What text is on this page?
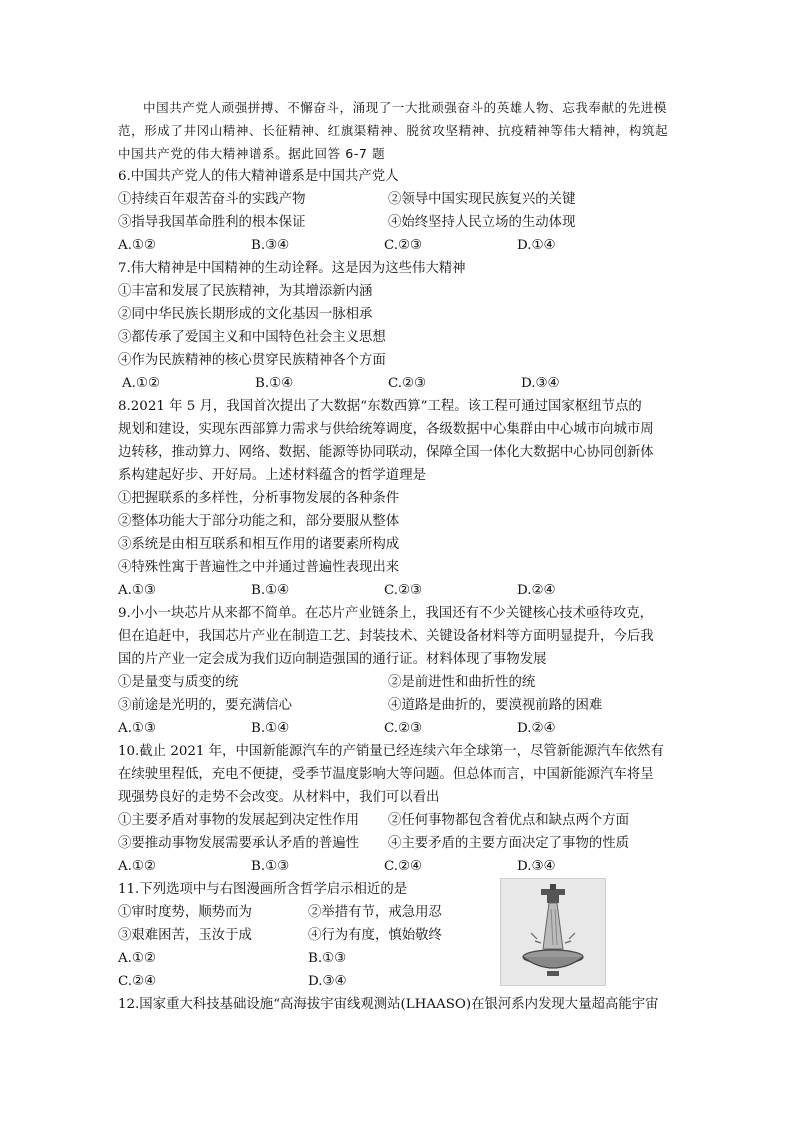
中国共产党人顽强拼搏、不懈奋斗，涌现了一大批顽强奋斗的英雄人物、忘我奉献的先进模范，形成了井冈山精神、长征精神、红旗渠精神、脱贫攻坚精神、抗疫精神等伟大精神，构筑起中国共产党的伟大精神谱系。据此回答 6-7 题

6.中国共产党人的伟大精神谱系是中国共产党人

①持续百年艰苦奋斗的实践产物	②领导中国实现民族复兴的关键
③指导我国革命胜利的根本保证	④始终坚持人民立场的生动体现
A.①②	B.③④	C.②③	D.①④

7.伟大精神是中国精神的生动诠释。这是因为这些伟大精神

①丰富和发展了民族精神，为其增添新内涵

②同中华民族长期形成的文化基因一脉相承

③都传承了爱国主义和中国特色社会主义思想

④作为民族精神的核心贯穿民族精神各个方面

A.①②	B.①④	C.②③	D.③④

8.2021 年 5 月，我国首次提出了大数据“东数西算”工程。该工程可通过国家枢纽节点的

规划和建设，实现东西部算力需求与供给统筹调度，各级数据中心集群由中心城市向城市周

边转移，推动算力、网络、数据、能源等协同联动，保障全国一体化大数据中心协同创新体

系构建起好步、开好局。上述材料蕴含的哲学道理是

①把握联系的多样性，分析事物发展的各种条件

②整体功能大于部分功能之和，部分要服从整体

③系统是由相互联系和相互作用的诸要素所构成

④特殊性寓于普遍性之中并通过普遍性表现出来

A.①③	B.①④	C.②③	D.②④

9.小小一块芯片从来都不简单。在芯片产业链条上，我国还有不少关键核心技术亟待攻克，

但在追赶中，我国芯片产业在制造工艺、封装技术、关键设备材料等方面明显提升，今后我

国的片产业一定会成为我们迈向制造强国的通行证。材料体现了事物发展

①是量变与质变的统	②是前进性和曲折性的统
③前途是光明的，要充满信心	④道路是曲折的，要漠视前路的困难
A.①③	B.①④	C.②③	D.②④

10.截止 2021 年，中国新能源汽车的产销量已经连续六年全球第一，尽管新能源汽车依然有

在续驶里程低，充电不便捷，受季节温度影响大等问题。但总体而言，中国新能源汽车将呈

现强势良好的走势不会改变。从材料中，我们可以看出

①主要矛盾对事物的发展起到决定性作用	②任何事物都包含着优点和缺点两个方面
③要推动事物发展需要承认矛盾的普遍性	④主要矛盾的主要方面决定了事物的性质
A.①②	B.①③	C.②④	D.③④

11.下列选项中与右图漫画所含哲学启示相近的是

①审时度势，顺势而为	②举措有节，戒急用忍
③艰难困苦，玉汝于成	④行为有度，慎始敬终
A.①②	B.①③
C.②④	D.③④

12.国家重大科技基础设施“高海拔宇宙线观测站(LHAASO)在银河系内发现大量超高能宇宙
